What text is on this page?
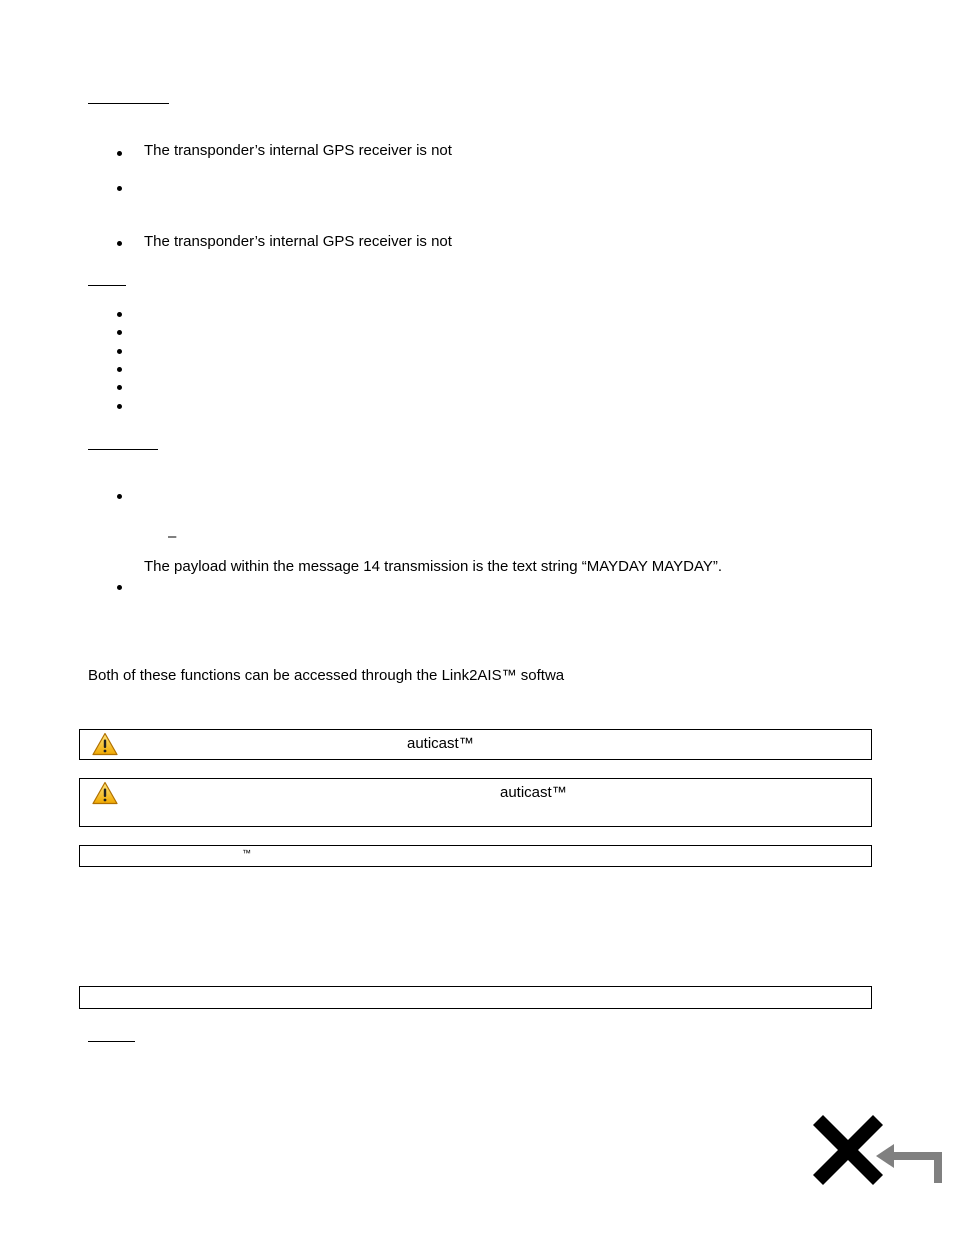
The transponder’s internal GPS receiver is not
The transponder’s internal GPS receiver is not
–
The payload within the message 14 transmission is the text string “MAYDAY MAYDAY”.
Both of these functions can be accessed through the Link2AIS™ softwa
auticast™
auticast™
™
